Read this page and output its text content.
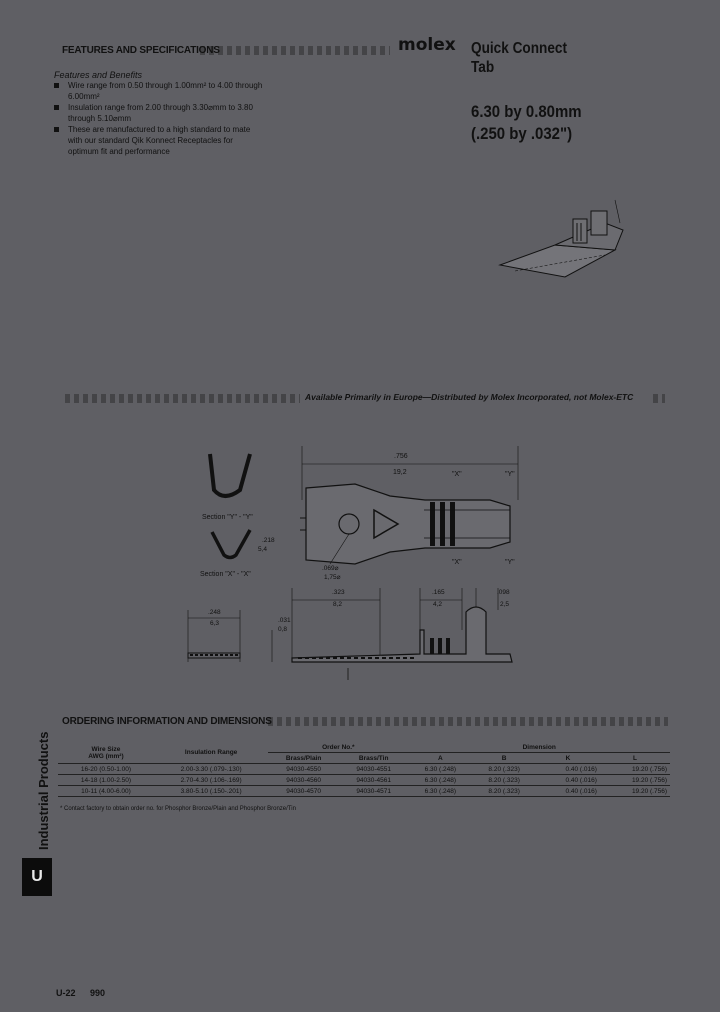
FEATURES AND SPECIFICATIONS	molex Quick Connect
Tab
6.30 by 0.80mm
(.250 by .032")
Features and Benefits
Wire range from 0.50 through 1.00mm² to 4.00 through 6.00mm²
Insulation range from 2.00 through 3.30⌀mm to 3.80 through 5.10⌀mm
These are manufactured to a high standard to mate with our standard Qik Konnect Receptacles for optimum fit and performance
Available Primarily in Europe—Distributed by Molex Incorporated, not Molex-ETC
Section "Y" - "Y"
Section "X" - "X"
.218
5,4
.756
19,2	"X"	"Y"
"X"	"Y"
.069⌀
1,75⌀
.248
6,3	.031
0,8
.323
8,2
.165
4,2
.098
2,5
ORDERING INFORMATION AND DIMENSIONS
Wire Size
AWG (mm²)	Insulation Range	Order No.*		Dimension			
		Brass/Plain	Brass/Tin	A	B	K	L
16-20 (0.50-1.00)	2.00-3.30 (.079-.130)	94030-4550	94030-4551	6.30 (.248)	8.20 (.323)	0.40 (.016)	19.20 (.756)
14-18 (1.00-2.50)	2.70-4.30 (.106-.169)	94030-4560	94030-4561	6.30 (.248)	8.20 (.323)	0.40 (.016)	19.20 (.756)
10-11 (4.00-6.00)	3.80-5.10 (.150-.201)	94030-4570	94030-4571	6.30 (.248)	8.20 (.323)	0.40 (.016)	19.20 (.756)
* Contact factory to obtain order no. for Phosphor Bronze/Plain and Phosphor Bronze/Tin
Industrial Products
U
U-22 990
